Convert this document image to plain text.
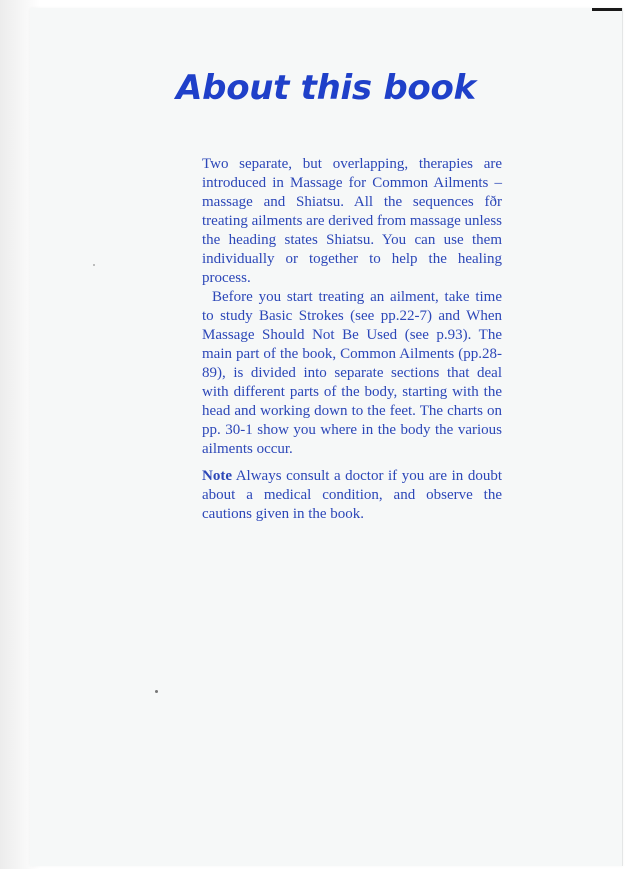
About this book

Two separate, but overlapping, therapies are introduced in Massage for Common Ailments – massage and Shiatsu. All the sequences fðr treating ailments are derived from massage unless the heading states Shiatsu. You can use them individually or together to help the healing process.

Before you start treating an ailment, take time to study Basic Strokes (see pp.22-7) and When Massage Should Not Be Used (see p.93). The main part of the book, Common Ailments (pp.28-89), is divided into separate sections that deal with different parts of the body, starting with the head and working down to the feet. The charts on pp. 30-1 show you where in the body the various ailments occur.

Note Always consult a doctor if you are in doubt about a medical condition, and observe the cautions given in the book.
